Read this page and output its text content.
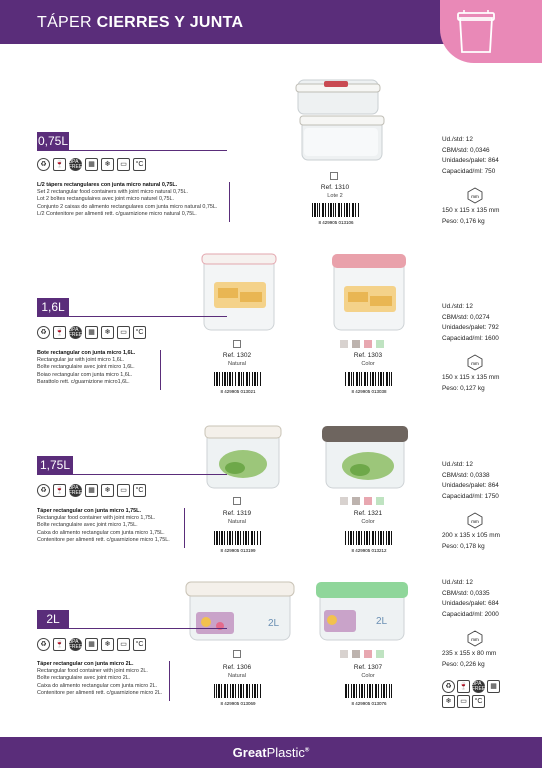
TÁPER CIERRES Y JUNTA
Ref. 1310
Lote 2
8 429905 013106
0,75L
♻	🍷 BPA FREE ▦	❄	▭	°C
L/2 tápers rectangulares con junta micro natural 0,75L.
Set 2 rectangular food containers with joint micro natural 0,75L.
Lot 2 boîtes rectangulaires avec joint micro naturel 0,75L.
Conjunto 2 caixas do alimento rectangulares com junta micro natural 0,75L.
L/2 Contenitore per alimenti rett. c/guarnizione micro natural 0,75L.
Ud./std: 12
CBM/std: 0,0346
Unidades/palet: 864
Capacidad/ml: 750
mm
150 x 115 x 135 mm
Peso: 0,176 kg
Ref. 1302
Natural
Ref. 1303
Color
8 429905 013021	8 429905 013038
1,6L
♻	🍷 BPA FREE ▦	❄	▭	°C
Bote rectangular con junta micro 1,6L.
Rectangular jar with joint micro 1,6L.
Boîte rectangulaire avec joint micro 1,6L.
Boiao rectangular com junta micro 1,6L.
Barattolo rett. c/guarnizione micro1,6L.
Ud./std: 12
CBM/std: 0,0274
Unidades/palet: 792
Capacidad/ml: 1600
mm
150 x 115 x 135 mm
Peso: 0,127 kg
Ref. 1319
Natural
Ref. 1321
Color
8 429905 013199	8 429905 013212
1,75L
♻	🍷 BPA FREE ▦	❄	▭	°C
Táper rectangular con junta micro 1,75L.
Rectangular food container with joint micro 1,75L.
Boîte rectangulaire avec joint micro 1,75L.
Caixa do alimento rectangular com junta micro 1,75L.
Contenitore per alimenti rett. c/guarnizione micro 1,75L.
Ud./std: 12
CBM/std: 0,0338
Unidades/palet: 864
Capacidad/ml: 1750
mm
200 x 135 x 105 mm
Peso: 0,178 kg
2L	2L
Ref. 1306
Natural
Ref. 1307
Color
8 429905 013069	8 429905 013076
2L
♻	🍷 BPA FREE ▦	❄	▭	°C
Táper rectangular con junta micro 2L.
Rectangular food container with joint micro 2L.
Boîte rectangulaire avec joint micro 2L.
Caixa do alimento rectangular com junta micro 2L.
Contenitore per alimenti rett. c/guarnizione micro 2L.
Ud./std: 12
CBM/std: 0,0335
Unidades/palet: 684
Capacidad/ml: 2000
mm
235 x 155 x 80 mm
Peso: 0,226 kg
♻	🍷 BPA FREE ▦
❄	▭	°C
GreatPlastic®
